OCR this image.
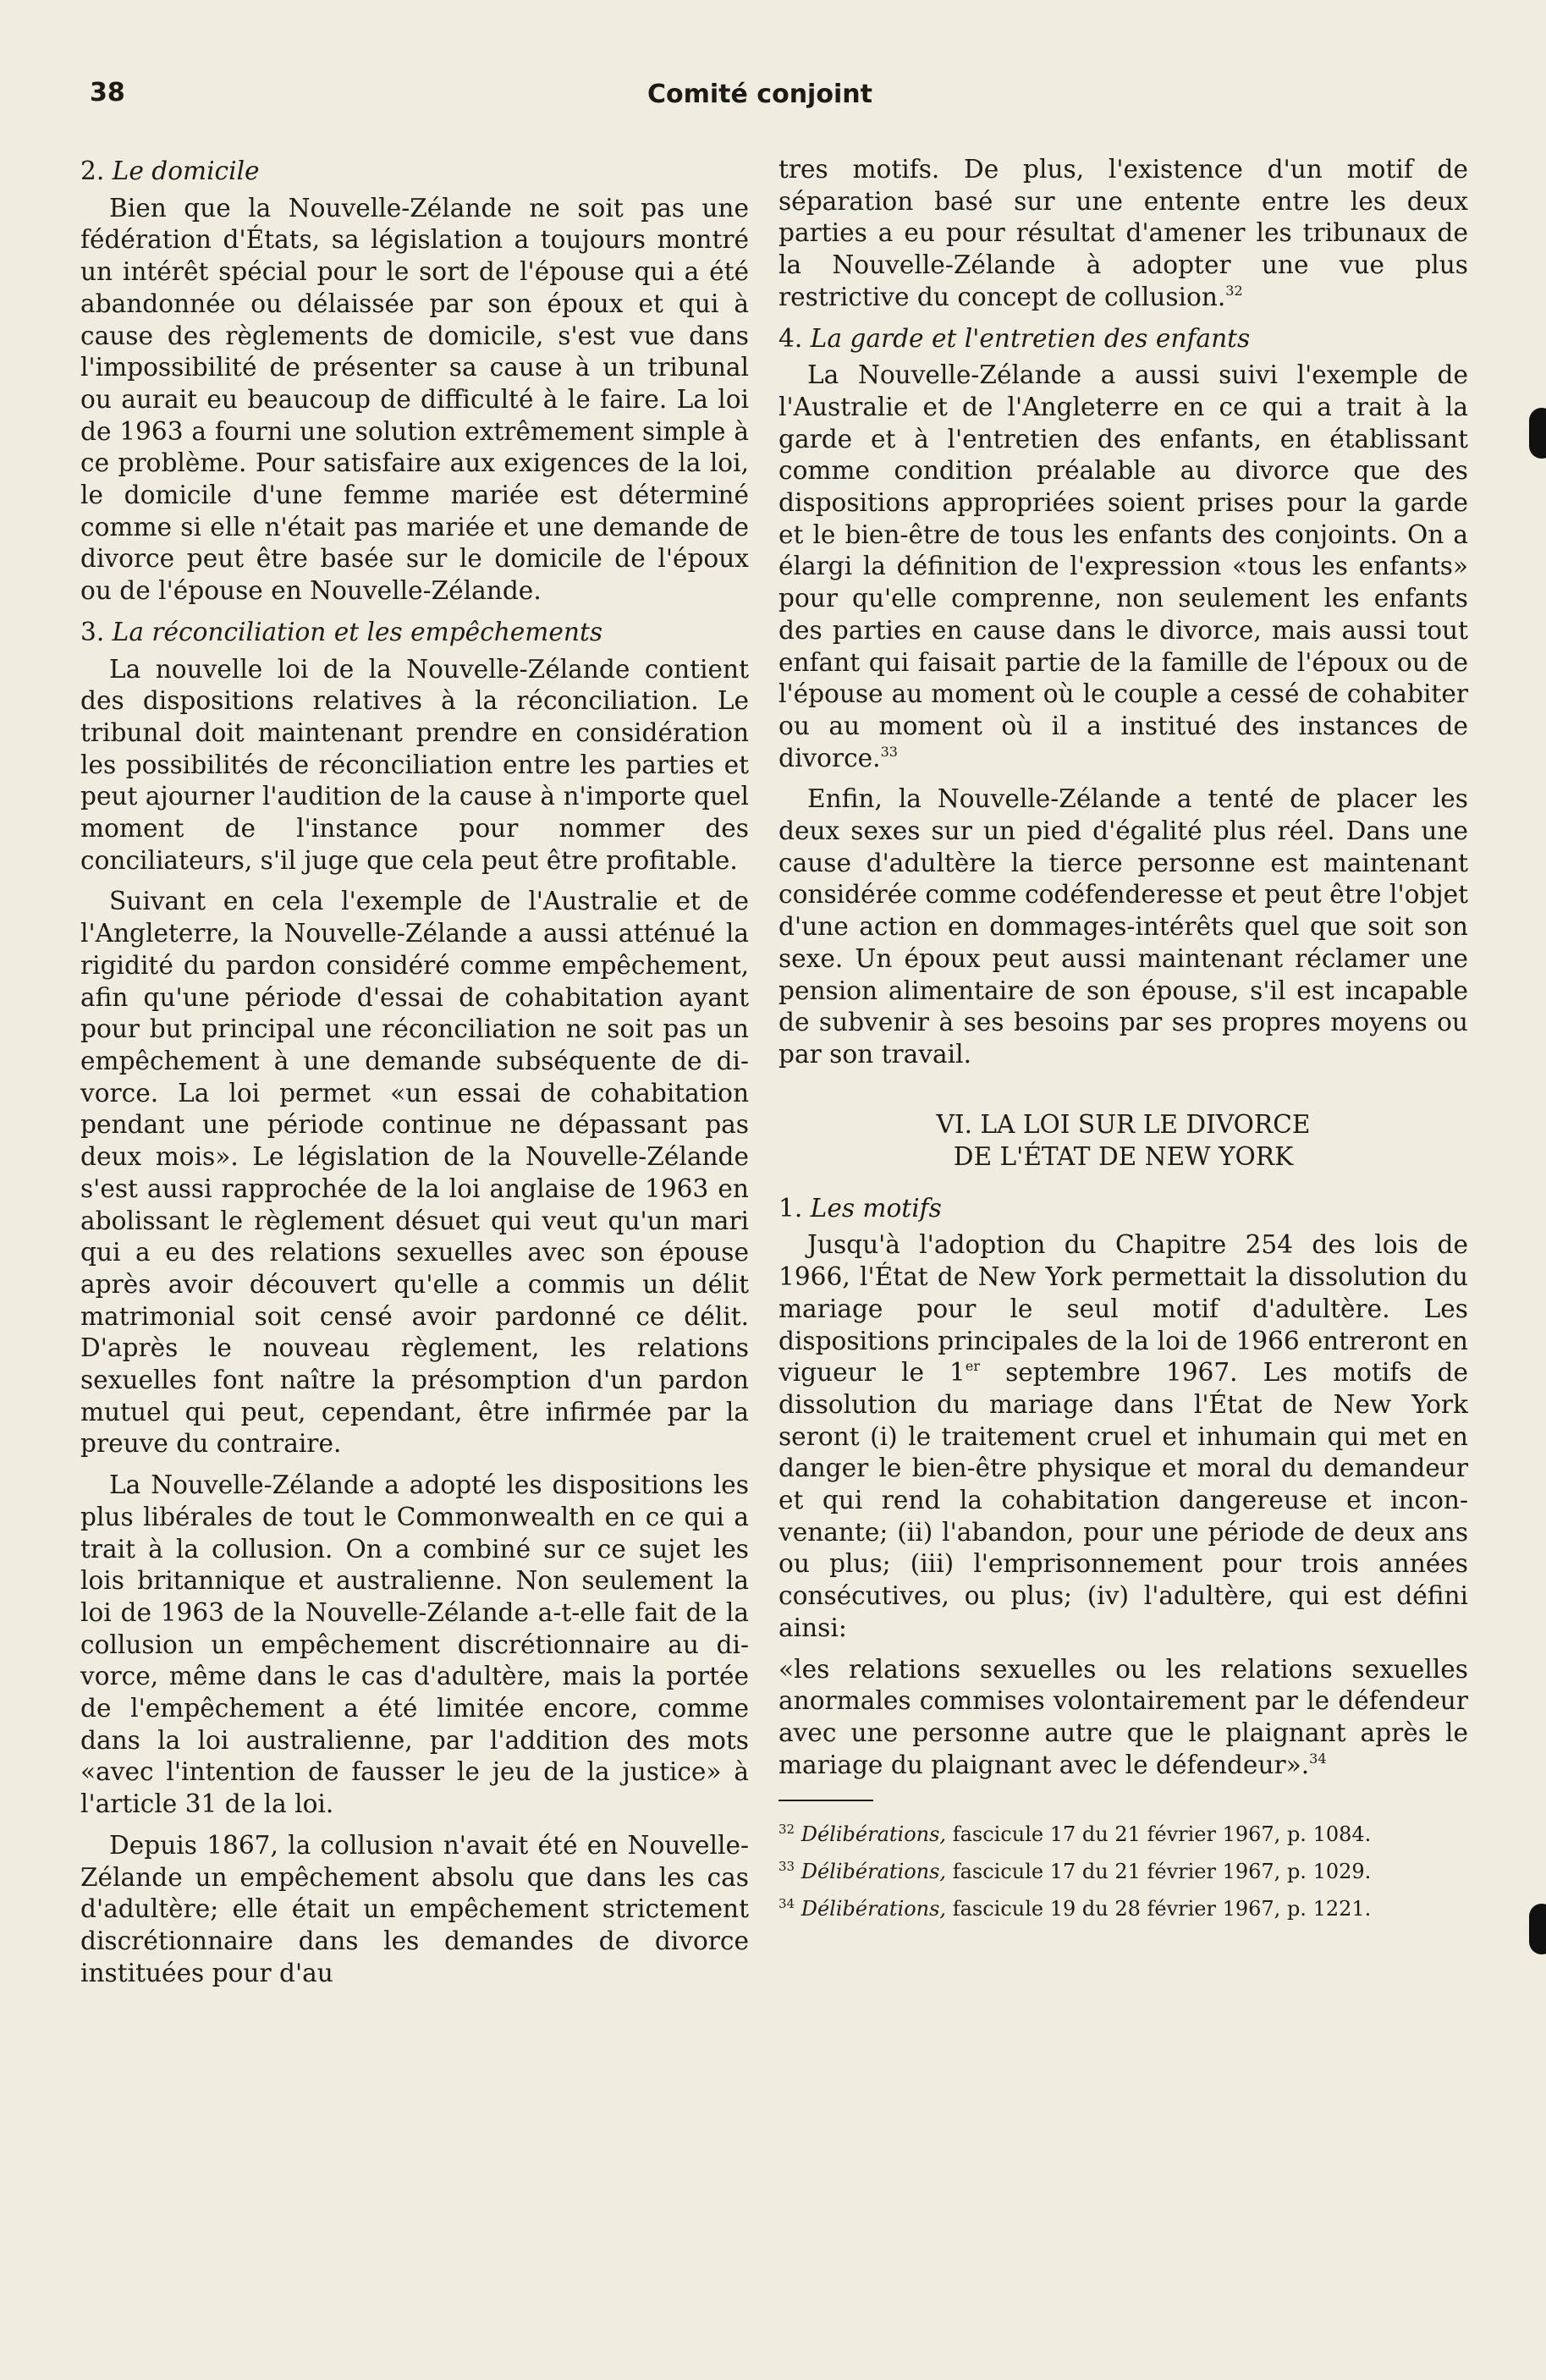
38	Comité conjoint
2. Le domicile

Bien que la Nouvelle-Zélande ne soit pas une fédération d'États, sa législation a toujours montré un intérêt spécial pour le sort de l'épouse qui a été abandonnée ou délaissée par son époux et qui à cause des règlements de domicile, s'est vue dans l'impossibilité de présenter sa cause à un tribunal ou aurait eu beaucoup de difficulté à le faire. La loi de 1963 a fourni une solution extrêmement simple à ce problème. Pour satisfaire aux exigences de la loi, le domicile d'une femme mariée est déterminé comme si elle n'était pas mariée et une demande de divorce peut être basée sur le domicile de l'époux ou de l'épouse en Nouvelle-Zélande.

3. La réconciliation et les empêchements

La nouvelle loi de la Nouvelle-Zélande contient des dispositions relatives à la réconciliation. Le tribunal doit maintenant prendre en considération les possibilités de réconciliation entre les parties et peut ajourner l'audition de la cause à n'importe quel moment de l'instance pour nommer des conciliateurs, s'il juge que cela peut être profitable.

Suivant en cela l'exemple de l'Australie et de l'Angleterre, la Nouvelle-Zélande a aussi atténué la rigidité du pardon considéré comme empêchement, afin qu'une période d'essai de cohabitation ayant pour but principal une réconciliation ne soit pas un empêchement à une demande subséquente de divorce. La loi permet «un essai de cohabitation pendant une période continue ne dépassant pas deux mois». Le législation de la Nouvelle-Zélande s'est aussi rapprochée de la loi anglaise de 1963 en abolissant le règlement désuet qui veut qu'un mari qui a eu des relations sexuelles avec son épouse après avoir découvert qu'elle a commis un délit matrimonial soit censé avoir pardonné ce délit. D'après le nouveau règlement, les relations sexuelles font naître la présomption d'un pardon mutuel qui peut, cependant, être infirmée par la preuve du contraire.

La Nouvelle-Zélande a adopté les dispositions les plus libérales de tout le Commonwealth en ce qui a trait à la collusion. On a combiné sur ce sujet les lois britannique et australienne. Non seulement la loi de 1963 de la Nouvelle-Zélande a-t-elle fait de la collusion un empêchement discrétionnaire au divorce, même dans le cas d'adultère, mais la portée de l'empêchement a été limitée encore, comme dans la loi australienne, par l'addition des mots «avec l'intention de fausser le jeu de la justice» à l'article 31 de la loi.

Depuis 1867, la collusion n'avait été en Nouvelle-Zélande un empêchement absolu que dans les cas d'adultère; elle était un empêchement strictement discrétionnaire dans les demandes de divorce instituées pour d'au

tres motifs. De plus, l'existence d'un motif de séparation basé sur une entente entre les deux parties a eu pour résultat d'amener les tribunaux de la Nouvelle-Zélande à adopter une vue plus restrictive du concept de collusion.$^{32}$

4. La garde et l'entretien des enfants

La Nouvelle-Zélande a aussi suivi l'exemple de l'Australie et de l'Angleterre en ce qui a trait à la garde et à l'entretien des enfants, en établissant comme condition préalable au divorce que des dispositions appropriées soient prises pour la garde et le bien-être de tous les enfants des conjoints. On a élargi la définition de l'expression «tous les enfants» pour qu'elle comprenne, non seulement les enfants des parties en cause dans le divorce, mais aussi tout enfant qui faisait partie de la famille de l'époux ou de l'épouse au moment où le couple a cessé de cohabiter ou au moment où il a institué des instances de divorce.$^{33}$

Enfin, la Nouvelle-Zélande a tenté de placer les deux sexes sur un pied d'égalité plus réel. Dans une cause d'adultère la tierce personne est maintenant considérée comme codéfenderesse et peut être l'objet d'une action en dommages-intérêts quel que soit son sexe. Un époux peut aussi maintenant réclamer une pension alimentaire de son épouse, s'il est incapable de subvenir à ses besoins par ses propres moyens ou par son travail.

VI. LA LOI SUR LE DIVORCE
DE L'ÉTAT DE NEW YORK
1. Les motifs

Jusqu'à l'adoption du Chapitre 254 des lois de 1966, l'État de New York permettait la dissolution du mariage pour le seul motif d'adultère. Les dispositions principales de la loi de 1966 entreront en vigueur le 1er septembre 1967. Les motifs de dissolution du mariage dans l'État de New York seront (i) le traitement cruel et inhumain qui met en danger le bien-être physique et moral du demandeur et qui rend la cohabitation dangereuse et inconvenante; (ii) l'abandon, pour une période de deux ans ou plus; (iii) l'emprisonnement pour trois années consécutives, ou plus; (iv) l'adultère, qui est défini ainsi:

«les relations sexuelles ou les relations sexuelles anormales commises volontairement par le défendeur avec une personne autre que le plaignant après le mariage du plaignant avec le défendeur».$^{34}$

$^{32}$ Délibérations, fascicule 17 du 21 février 1967, p. 1084.
$^{33}$ Délibérations, fascicule 17 du 21 février 1967, p. 1029.
$^{34}$ Délibérations, fascicule 19 du 28 février 1967, p. 1221.
